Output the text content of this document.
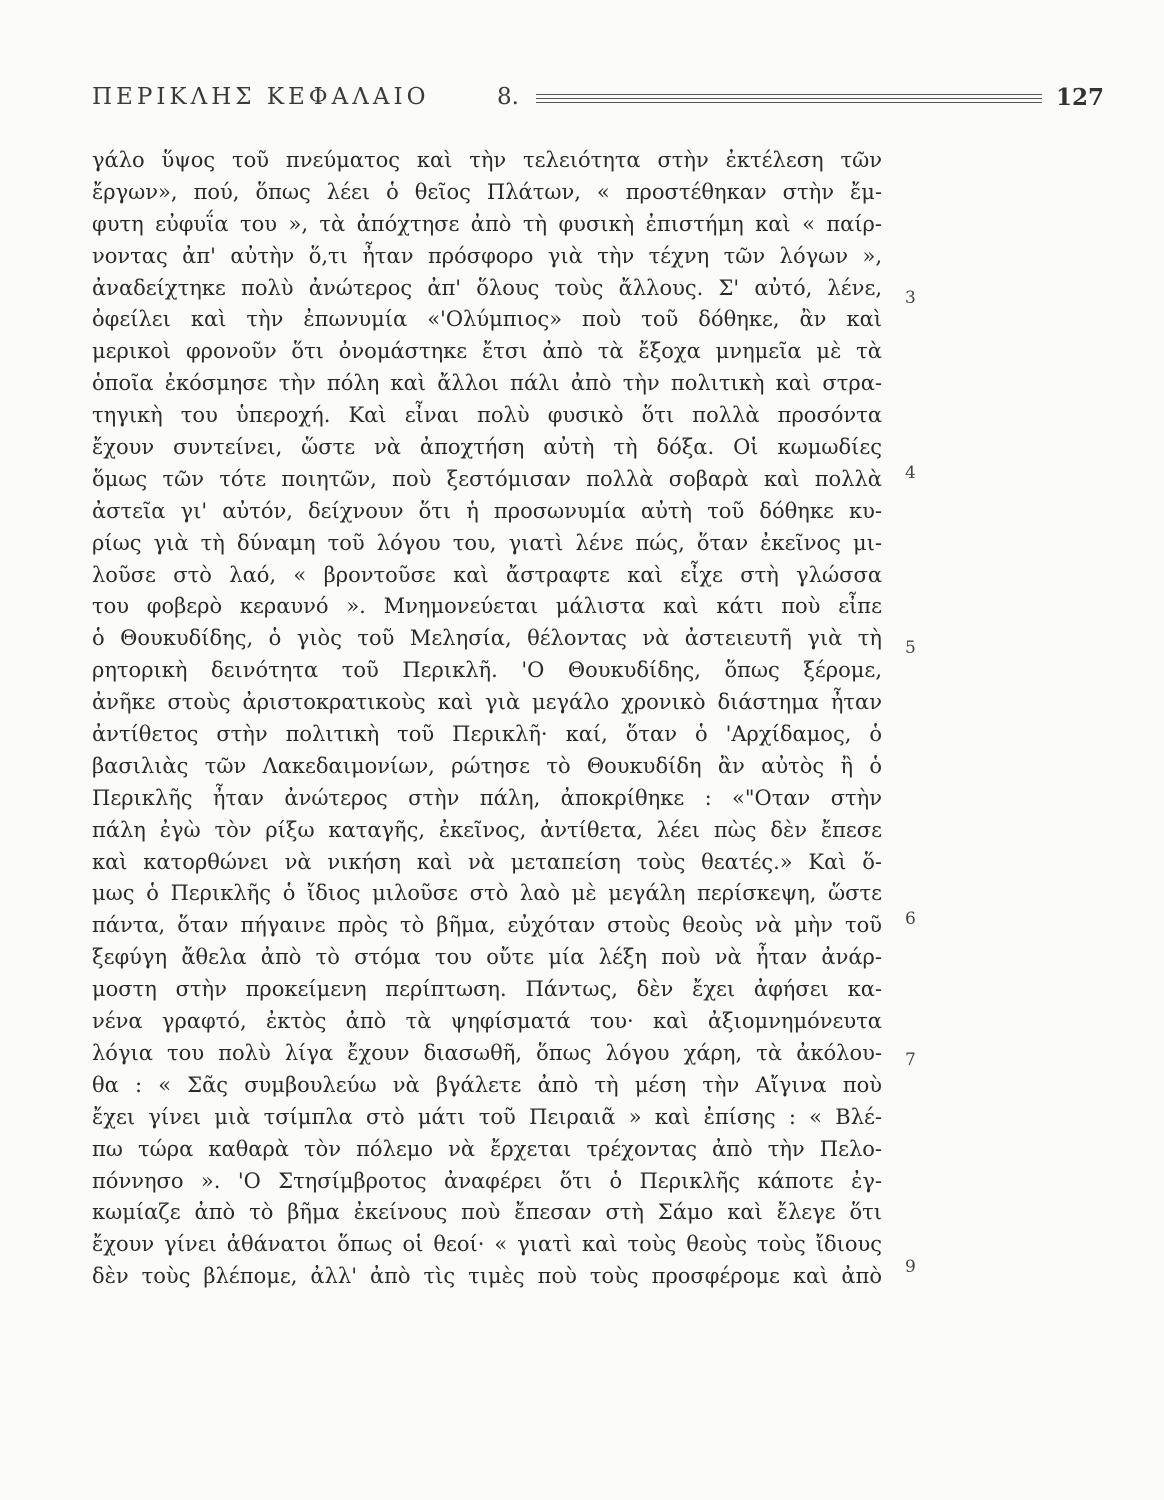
ΠΕΡΙΚΛΗΣ ΚΕΦΑΛΑΙΟ	8.	127
γάλο ὕψος τοῦ πνεύματος καὶ τὴν τελειότητα στὴν ἐκτέλεση τῶν
ἔργων», πού, ὅπως λέει ὁ θεῖος Πλάτων, « προστέθηκαν στὴν ἔμ-
φυτη εὐφυΐα του », τὰ ἀπόχτησε ἀπὸ τὴ φυσικὴ ἐπιστήμη καὶ « παίρ-
νοντας ἀπ' αὐτὴν ὅ,τι ἦταν πρόσφορο γιὰ τὴν τέχνη τῶν λόγων »,
ἀναδείχτηκε πολὺ ἀνώτερος ἀπ' ὅλους τοὺς ἄλλους. Σ' αὐτό, λένε,
ὀφείλει καὶ τὴν ἐπωνυμία «'Ολύμπιος» ποὺ τοῦ δόθηκε, ἂν καὶ
μερικοὶ φρονοῦν ὅτι ὀνομάστηκε ἔτσι ἀπὸ τὰ ἔξοχα μνημεῖα μὲ τὰ
ὁποῖα ἐκόσμησε τὴν πόλη καὶ ἄλλοι πάλι ἀπὸ τὴν πολιτικὴ καὶ στρα-
τηγικὴ του ὑπεροχή. Καὶ εἶναι πολὺ φυσικὸ ὅτι πολλὰ προσόντα
ἔχουν συντείνει, ὥστε νὰ ἀποχτήση αὐτὴ τὴ δόξα. Οἱ κωμωδίες
ὅμως τῶν τότε ποιητῶν, ποὺ ξεστόμισαν πολλὰ σοβαρὰ καὶ πολλὰ
ἀστεῖα γι' αὐτόν, δείχνουν ὅτι ἡ προσωνυμία αὐτὴ τοῦ δόθηκε κυ-
ρίως γιὰ τὴ δύναμη τοῦ λόγου του, γιατὶ λένε πώς, ὅταν ἐκεῖνος μι-
λοῦσε στὸ λαό, « βροντοῦσε καὶ ἄστραφτε καὶ εἶχε στὴ γλώσσα
του φοβερὸ κεραυνό ». Μνημονεύεται μάλιστα καὶ κάτι ποὺ εἶπε
ὁ Θουκυδίδης, ὁ γιὸς τοῦ Μελησία, θέλοντας νὰ ἀστειευτῆ γιὰ τὴ
ρητορικὴ δεινότητα τοῦ Περικλῆ. 'Ο Θουκυδίδης, ὅπως ξέρομε,
ἀνῆκε στοὺς ἀριστοκρατικοὺς καὶ γιὰ μεγάλο χρονικὸ διάστημα ἦταν
ἀντίθετος στὴν πολιτικὴ τοῦ Περικλῆ· καί, ὅταν ὁ 'Αρχίδαμος, ὁ
βασιλιὰς τῶν Λακεδαιμονίων, ρώτησε τὸ Θουκυδίδη ἂν αὐτὸς ἢ ὁ
Περικλῆς ἦταν ἀνώτερος στὴν πάλη, ἀποκρίθηκε : «"Οταν στὴν
πάλη ἐγὼ τὸν ρίξω καταγῆς, ἐκεῖνος, ἀντίθετα, λέει πὼς δὲν ἔπεσε
καὶ κατορθώνει νὰ νικήση καὶ νὰ μεταπείση τοὺς θεατές.» Καὶ ὅ-
μως ὁ Περικλῆς ὁ ἴδιος μιλοῦσε στὸ λαὸ μὲ μεγάλη περίσκεψη, ὥστε
πάντα, ὅταν πήγαινε πρὸς τὸ βῆμα, εὐχόταν στοὺς θεοὺς νὰ μὴν τοῦ
ξεφύγη ἄθελα ἀπὸ τὸ στόμα του οὔτε μία λέξη ποὺ νὰ ἦταν ἀνάρ-
μοστη στὴν προκείμενη περίπτωση. Πάντως, δὲν ἔχει ἀφήσει κα-
νένα γραφτό, ἐκτὸς ἀπὸ τὰ ψηφίσματά του· καὶ ἀξιομνημόνευτα
λόγια του πολὺ λίγα ἔχουν διασωθῆ, ὅπως λόγου χάρη, τὰ ἀκόλου-
θα : « Σᾶς συμβουλεύω νὰ βγάλετε ἀπὸ τὴ μέση τὴν Αἴγινα ποὺ
ἔχει γίνει μιὰ τσίμπλα στὸ μάτι τοῦ Πειραιᾶ » καὶ ἐπίσης : « Βλέ-
πω τώρα καθαρὰ τὸν πόλεμο νὰ ἔρχεται τρέχοντας ἀπὸ τὴν Πελο-
πόννησο ». 'Ο Στησίμβροτος ἀναφέρει ὅτι ὁ Περικλῆς κάποτε ἐγ-
κωμίαζε ἀπὸ τὸ βῆμα ἐκείνους ποὺ ἔπεσαν στὴ Σάμο καὶ ἔλεγε ὅτι
ἔχουν γίνει ἀθάνατοι ὅπως οἱ θεοί· « γιατὶ καὶ τοὺς θεοὺς τοὺς ἴδιους
δὲν τοὺς βλέπομε, ἀλλ' ἀπὸ τὶς τιμὲς ποὺ τοὺς προσφέρομε καὶ ἀπὸ
3
4
5
6
7
9
